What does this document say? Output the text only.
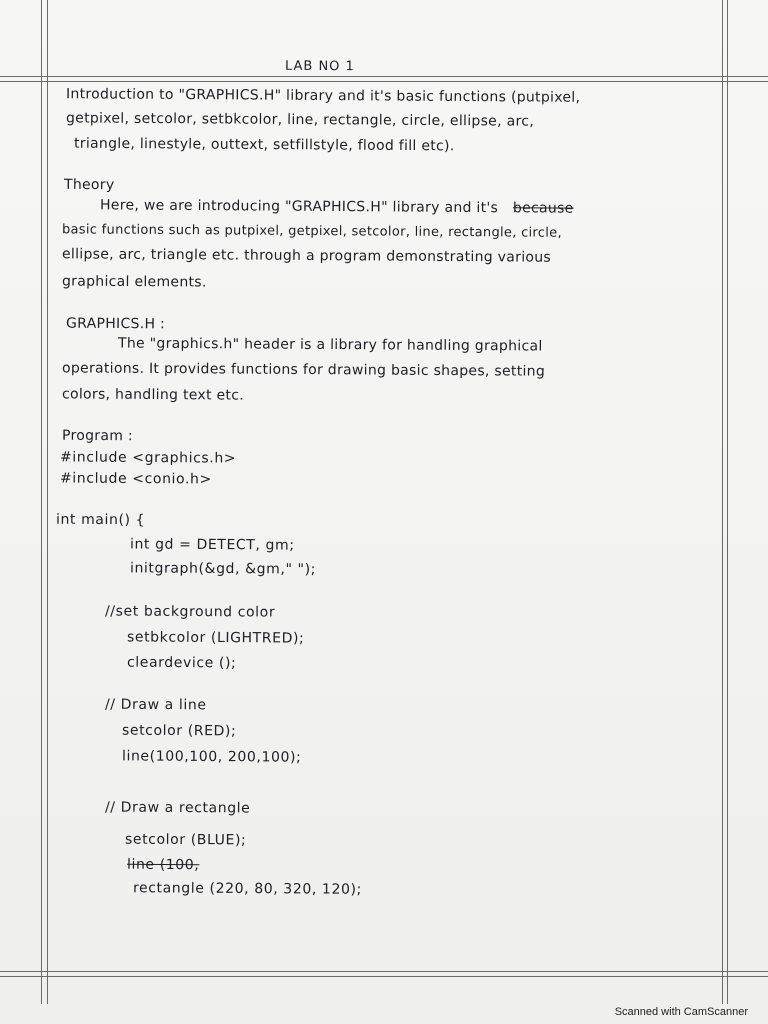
LAB NO 1
Introduction to "GRAPHICS.H" library and it's basic functions (putpixel,
getpixel, setcolor, setbkcolor, line, rectangle, circle, ellipse, arc,
triangle, linestyle, outtext, setfillstyle, flood fill etc).
Theory
Here, we are introducing "GRAPHICS.H" library and it's because
basic functions such as putpixel, getpixel, setcolor, line, rectangle, circle,
ellipse, arc, triangle etc. through a program demonstrating various
graphical elements.
GRAPHICS.H :
The "graphics.h" header is a library for handling graphical
operations. It provides functions for drawing basic shapes, setting
colors, handling text etc.
Program :
#include <graphics.h>
#include <conio.h>
int main() {
int gd = DETECT, gm;
initgraph(&gd, &gm," ");
//set background color
setbkcolor (LIGHTRED);
cleardevice ();
// Draw a line
setcolor (RED);
line(100,100, 200,100);
// Draw a rectangle
setcolor (BLUE);
line (100,
rectangle (220, 80, 320, 120);
Scanned with CamScanner
